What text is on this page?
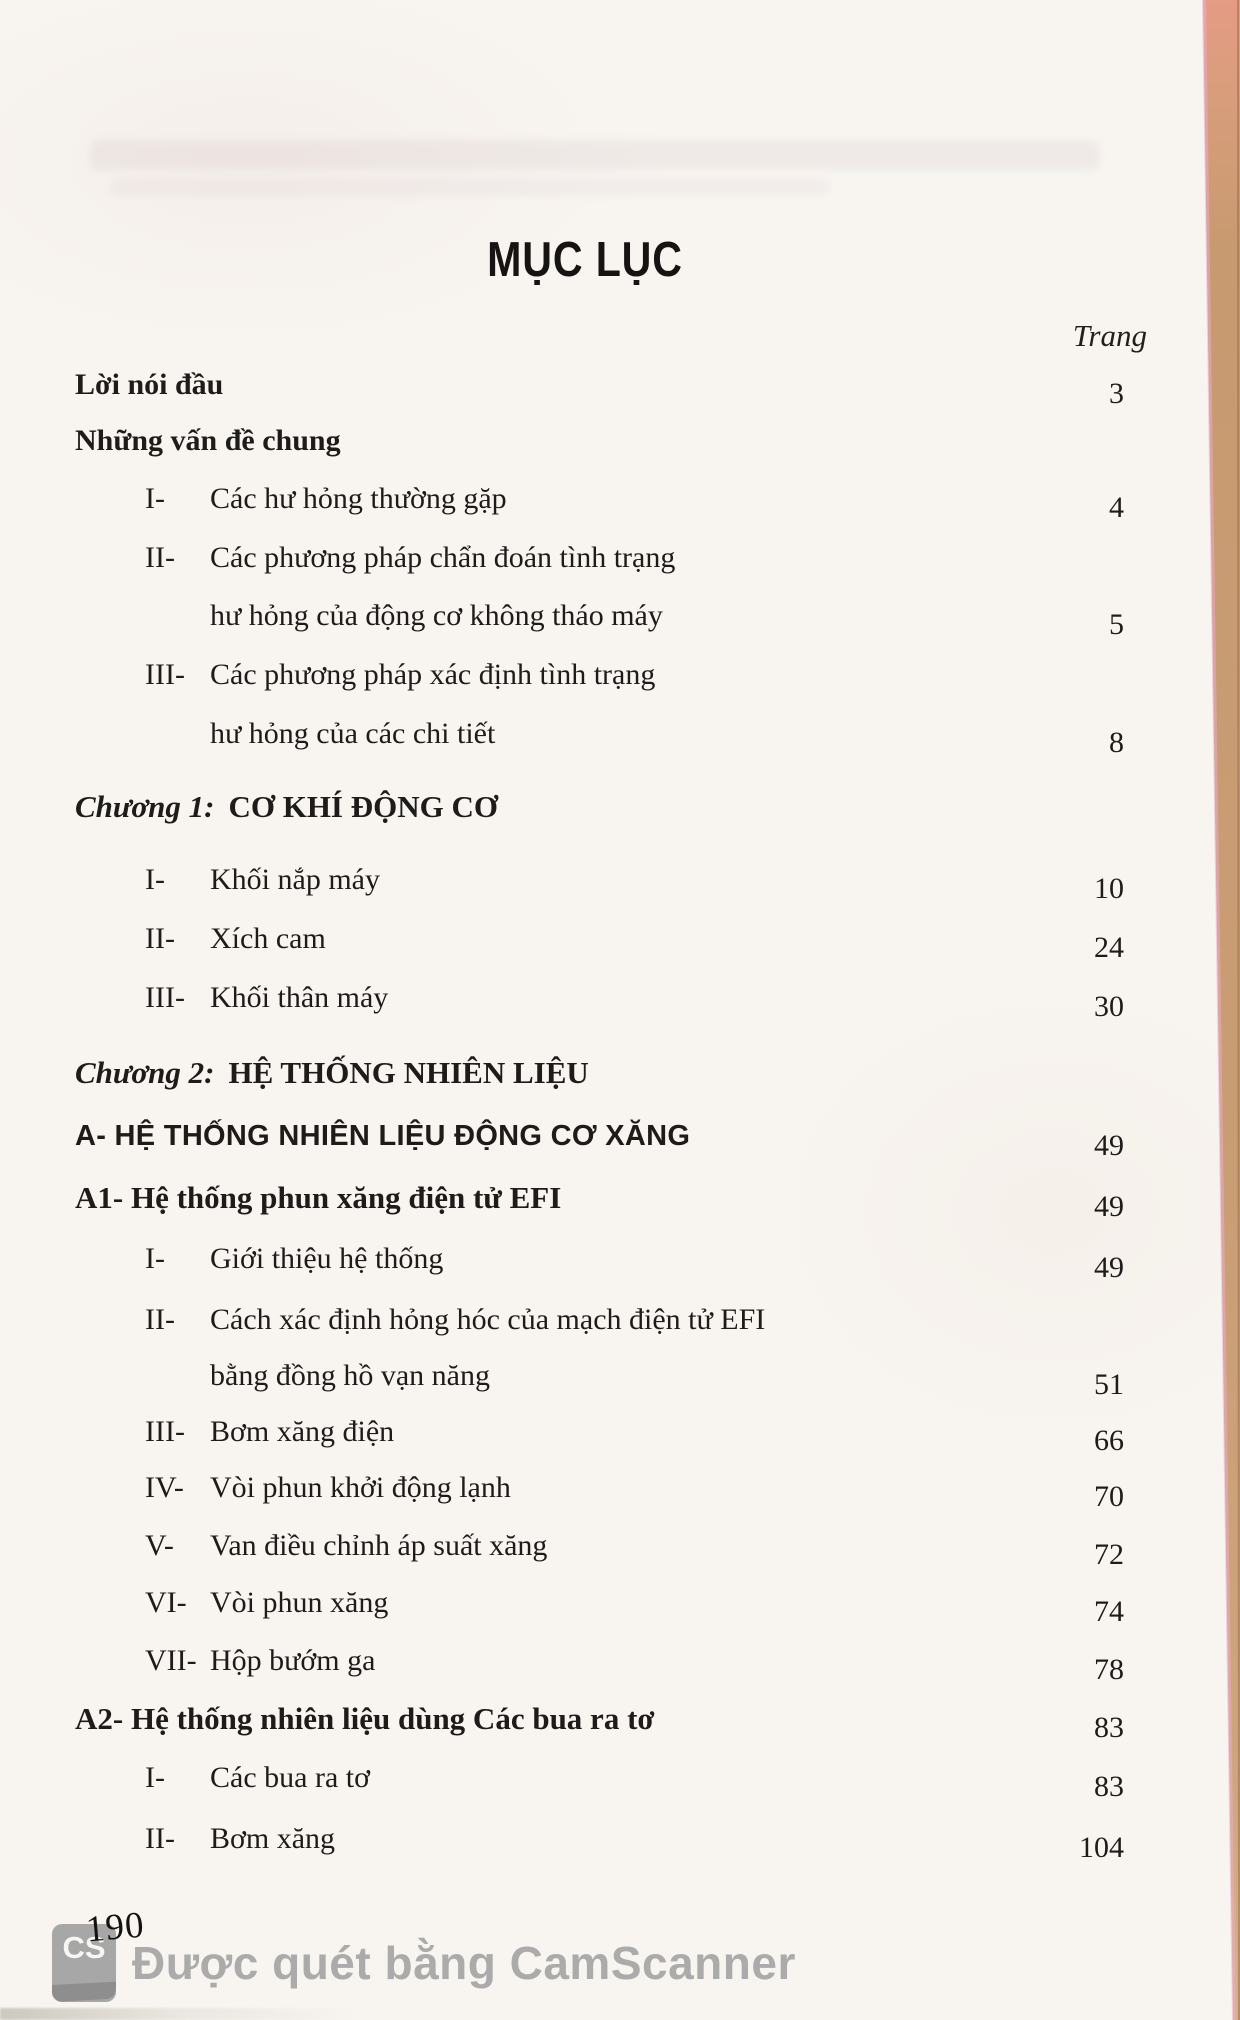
MỤC LỤC
Trang
Lời nói đầu	3
Những vấn đề chung
I- Các hư hỏng thường gặp	4
II- Các phương pháp chẩn đoán tình trạng
hư hỏng của động cơ không tháo máy	5
III- Các phương pháp xác định tình trạng
hư hỏng của các chi tiết	8
Chương 1: CƠ KHÍ ĐỘNG CƠ
I- Khối nắp máy	10
II- Xích cam	24
III- Khối thân máy	30
Chương 2: HỆ THỐNG NHIÊN LIỆU
A- HỆ THỐNG NHIÊN LIỆU ĐỘNG CƠ XĂNG	49
A1- Hệ thống phun xăng điện tử EFI	49
I- Giới thiệu hệ thống	49
II- Cách xác định hỏng hóc của mạch điện tử EFI
bằng đồng hồ vạn năng	51
III- Bơm xăng điện	66
IV- Vòi phun khởi động lạnh	70
V- Van điều chỉnh áp suất xăng	72
VI- Vòi phun xăng	74
VII- Hộp bướm ga	78
A2- Hệ thống nhiên liệu dùng Các bua ra tơ	83
I- Các bua ra tơ	83
II- Bơm xăng	104
CS
190
Được quét bằng CamScanner
